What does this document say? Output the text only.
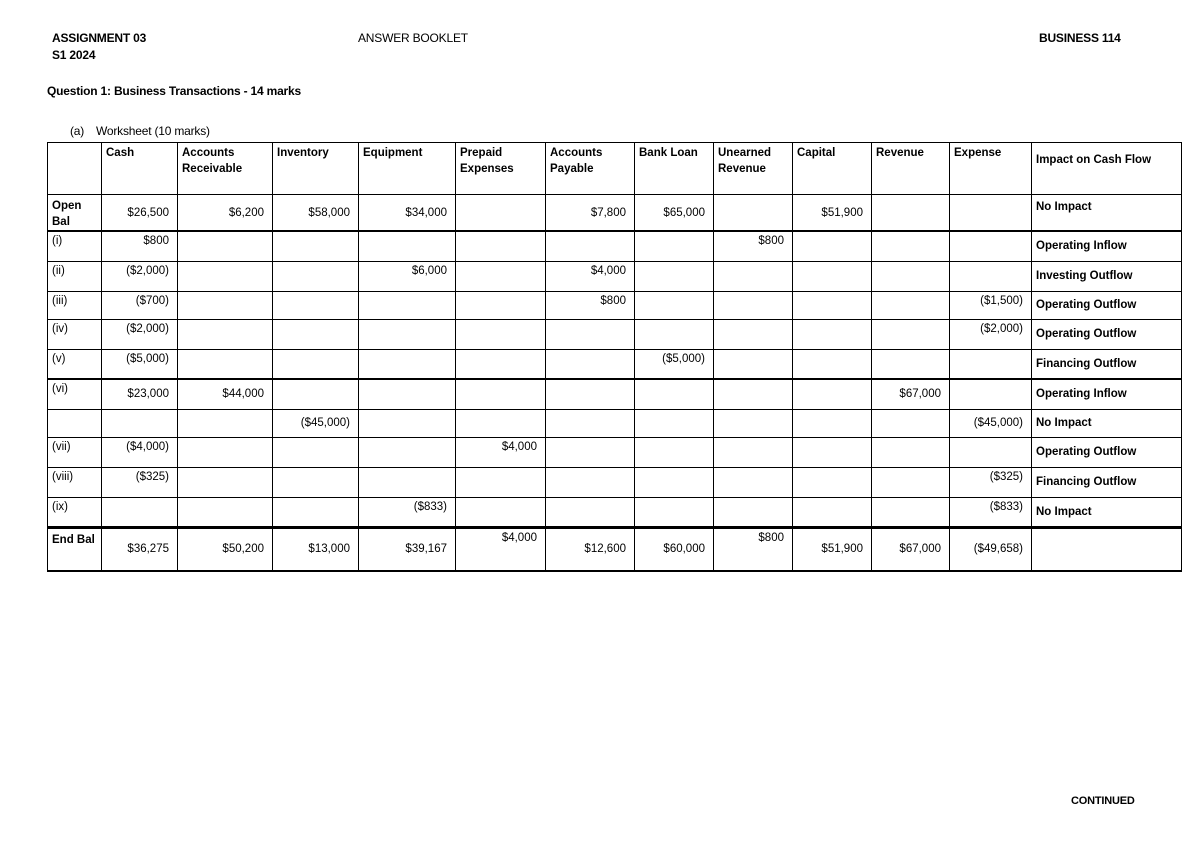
ASSIGNMENT 03
S1 2024
ANSWER BOOKLET	BUSINESS 114
Question 1: Business Transactions - 14 marks
(a) Worksheet (10 marks)
	Cash	Accounts Receivable	Inventory	Equipment	Prepaid Expenses	Accounts Payable	Bank Loan	Unearned Revenue	Capital	Revenue	Expense	Impact on Cash Flow
Open Bal	$26,500	$6,200	$58,000	$34,000		$7,800	$65,000		$51,900			No Impact
(i)	$800							$800				Operating Inflow
(ii)	($2,000)			$6,000		$4,000						Investing Outflow
(iii)	($700)					$800					($1,500)	Operating Outflow
(iv)	($2,000)										($2,000)	Operating Outflow
(v)	($5,000)						($5,000)					Financing Outflow
(vi)	$23,000	$44,000								$67,000		Operating Inflow
			($45,000)								($45,000)	No Impact
(vii)	($4,000)				$4,000							Operating Outflow
(viii)	($325)										($325)	Financing Outflow
(ix)				($833)							($833)	No Impact
End Bal	$36,275	$50,200	$13,000	$39,167	$4,000	$12,600	$60,000	$800	$51,900	$67,000	($49,658)	
CONTINUED
